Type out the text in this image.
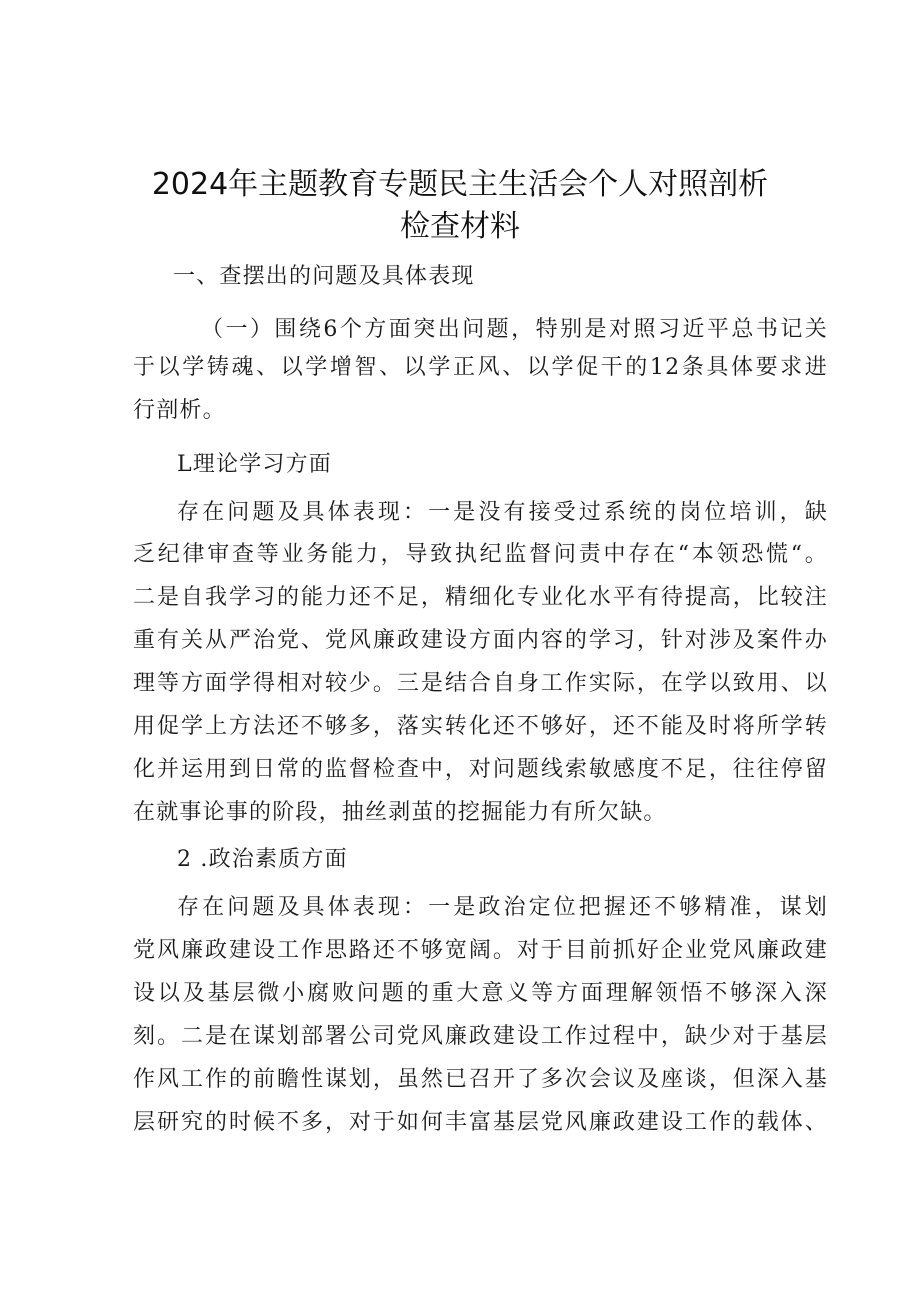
2024年主题教育专题民主生活会个人对照剖析
检查材料
一、查摆出的问题及具体表现
（一）围绕6个方面突出问题，特别是对照习近平总书记关
于以学铸魂、以学增智、以学正风、以学促干的12条具体要求进
行剖析。
L理论学习方面
存在问题及具体表现：一是没有接受过系统的岗位培训，缺
乏纪律审查等业务能力，导致执纪监督问责中存在“本领恐慌“。
二是自我学习的能力还不足，精细化专业化水平有待提高，比较注
重有关从严治党、党风廉政建设方面内容的学习，针对涉及案件办
理等方面学得相对较少。三是结合自身工作实际，在学以致用、以
用促学上方法还不够多，落实转化还不够好，还不能及时将所学转
化并运用到日常的监督检查中，对问题线索敏感度不足，往往停留
在就事论事的阶段，抽丝剥茧的挖掘能力有所欠缺。
2 .政治素质方面
存在问题及具体表现：一是政治定位把握还不够精准，谋划
党风廉政建设工作思路还不够宽阔。对于目前抓好企业党风廉政建
设以及基层微小腐败问题的重大意义等方面理解领悟不够深入深
刻。二是在谋划部署公司党风廉政建设工作过程中，缺少对于基层
作风工作的前瞻性谋划，虽然已召开了多次会议及座谈，但深入基
层研究的时候不多，对于如何丰富基层党风廉政建设工作的载体、
